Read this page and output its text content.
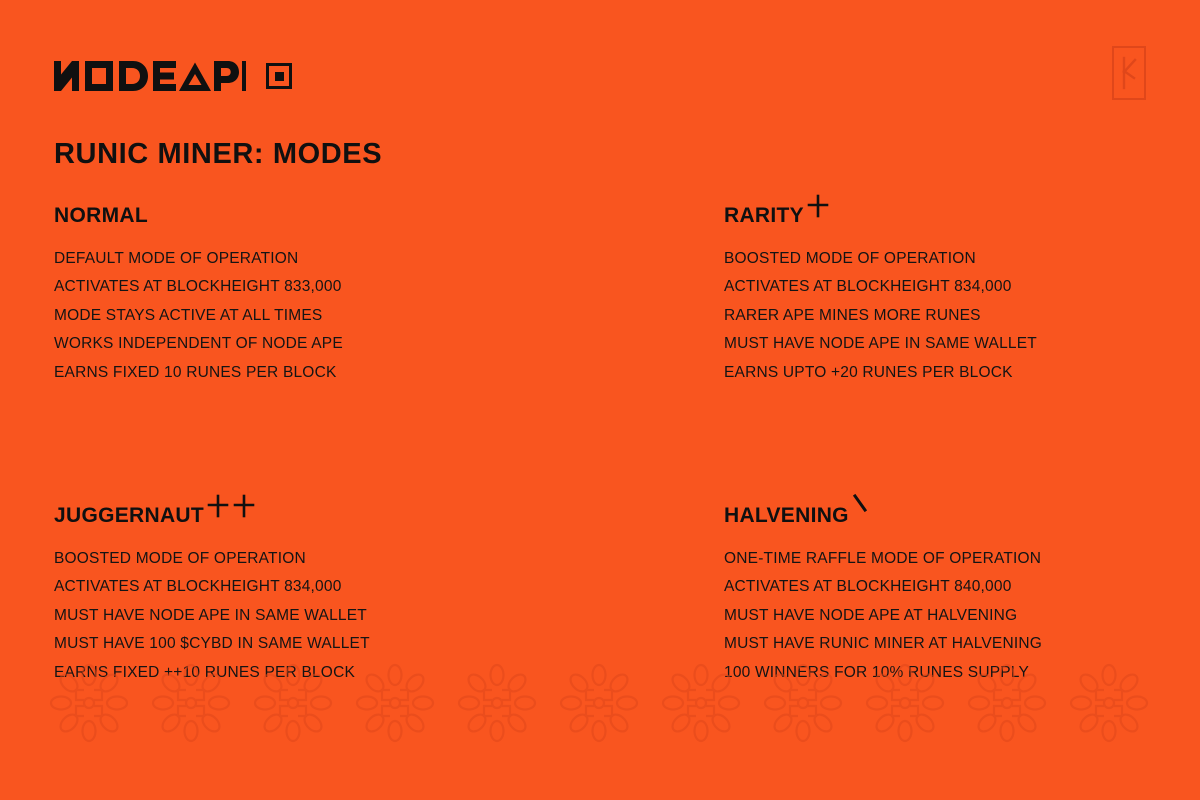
RUNIC MINER: MODES
NORMAL
DEFAULT MODE OF OPERATION
ACTIVATES AT BLOCKHEIGHT 833,000
MODE STAYS ACTIVE AT ALL TIMES
WORKS INDEPENDENT OF NODE APE
EARNS FIXED 10 RUNES PER BLOCK
RARITY
BOOSTED MODE OF OPERATION
ACTIVATES AT BLOCKHEIGHT 834,000
RARER APE MINES MORE RUNES
MUST HAVE NODE APE IN SAME WALLET
EARNS UPTO +20 RUNES PER BLOCK
JUGGERNAUT
BOOSTED MODE OF OPERATION
ACTIVATES AT BLOCKHEIGHT 834,000
MUST HAVE NODE APE IN SAME WALLET
MUST HAVE 100 $CYBD IN SAME WALLET
EARNS FIXED ++10 RUNES PER BLOCK
HALVENING
ONE-TIME RAFFLE MODE OF OPERATION
ACTIVATES AT BLOCKHEIGHT 840,000
MUST HAVE NODE APE AT HALVENING
MUST HAVE RUNIC MINER AT HALVENING
100 WINNERS FOR 10% RUNES SUPPLY
